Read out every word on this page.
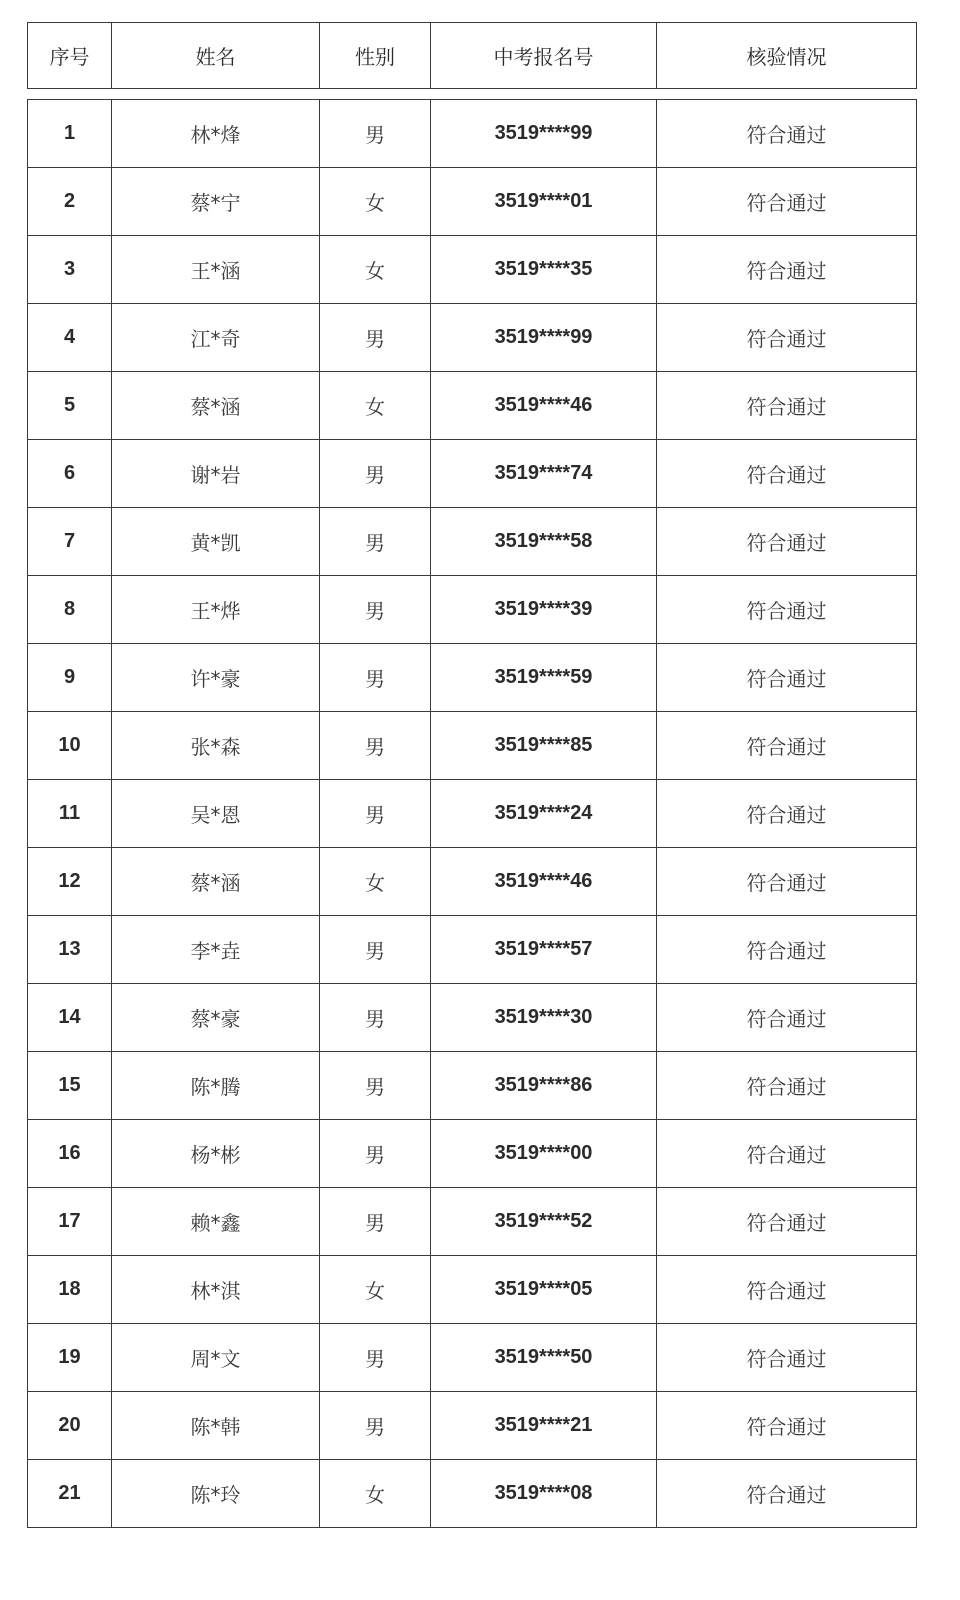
序号	姓名	性别	中考报名号	核验情况
1	林*烽	男	3519****99	符合通过
2	蔡*宁	女	3519****01	符合通过
3	王*涵	女	3519****35	符合通过
4	江*奇	男	3519****99	符合通过
5	蔡*涵	女	3519****46	符合通过
6	谢*岩	男	3519****74	符合通过
7	黄*凯	男	3519****58	符合通过
8	王*烨	男	3519****39	符合通过
9	许*豪	男	3519****59	符合通过
10	张*森	男	3519****85	符合通过
11	吴*恩	男	3519****24	符合通过
12	蔡*涵	女	3519****46	符合通过
13	李*垚	男	3519****57	符合通过
14	蔡*豪	男	3519****30	符合通过
15	陈*腾	男	3519****86	符合通过
16	杨*彬	男	3519****00	符合通过
17	赖*鑫	男	3519****52	符合通过
18	林*淇	女	3519****05	符合通过
19	周*文	男	3519****50	符合通过
20	陈*韩	男	3519****21	符合通过
21	陈*玲	女	3519****08	符合通过
